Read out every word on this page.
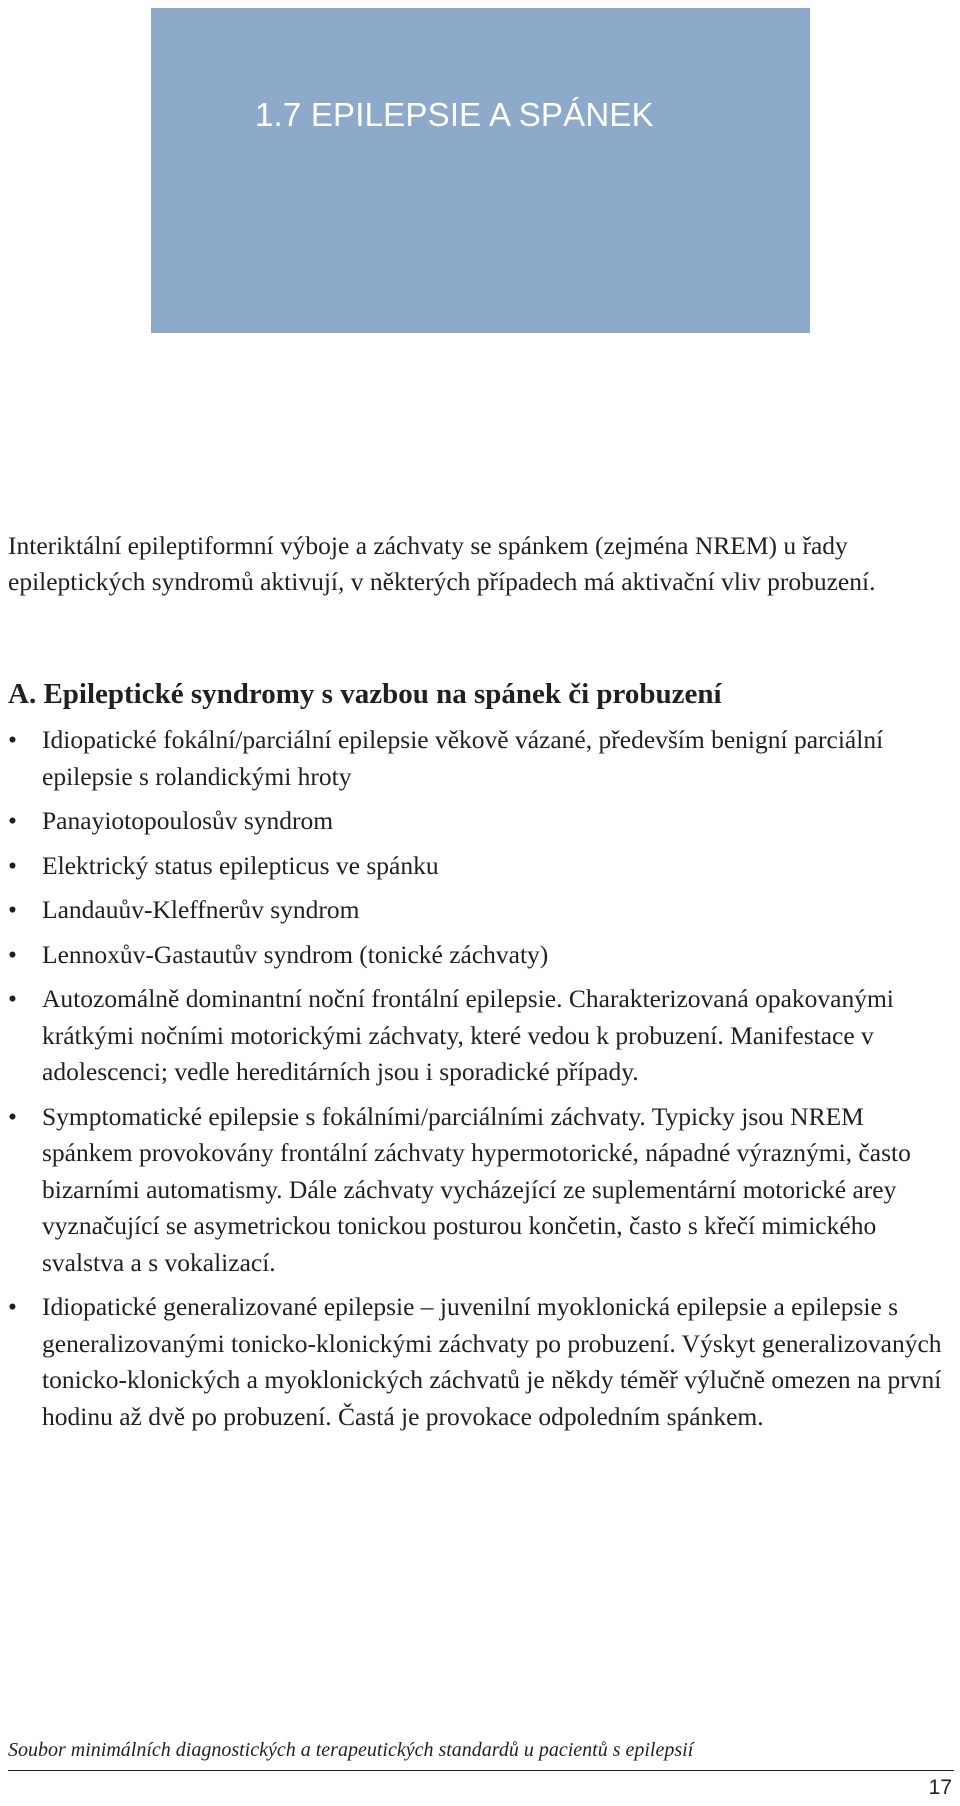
1.7 EPILEPSIE A SPÁNEK

Interiktální epileptiformní výboje a záchvaty se spánkem (zejména NREM) u řady epileptických syndromů aktivují, v některých případech má aktivační vliv probuzení.

A. Epileptické syndromy s vazbou na spánek či probuzení
• Idiopatické fokální/parciální epilepsie věkově vázané, především benigní parciální epilepsie s rolandickými hroty
• Panayiotopoulosův syndrom
• Elektrický status epilepticus ve spánku
• Landauův-Kleffnerův syndrom
• Lennoxův-Gastautův syndrom (tonické záchvaty)
• Autozomálně dominantní noční frontální epilepsie. Charakterizovaná opakovanými krátkými nočními motorickými záchvaty, které vedou k probuzení. Manifestace v adolescenci; vedle hereditárních jsou i sporadické případy.
• Symptomatické epilepsie s fokálními/parciálními záchvaty. Typicky jsou NREM spánkem provokovány frontální záchvaty hypermotorické, nápadné výraznými, často bizarními automatismy. Dále záchvaty vycházející ze suplementární motorické arey vyznačující se asymetrickou tonickou posturou končetin, často s křečí mimického svalstva a s vokalizací.
• Idiopatické generalizované epilepsie – juvenilní myoklonická epilepsie a epilepsie s generalizovanými tonicko-klonickými záchvaty po probuzení. Výskyt generalizovaných tonicko-klonických a myoklonických záchvatů je někdy téměř výlučně omezen na první hodinu až dvě po probuzení. Častá je provokace odpoledním spánkem.

Soubor minimálních diagnostických a terapeutických standardů u pacientů s epilepsií

17
